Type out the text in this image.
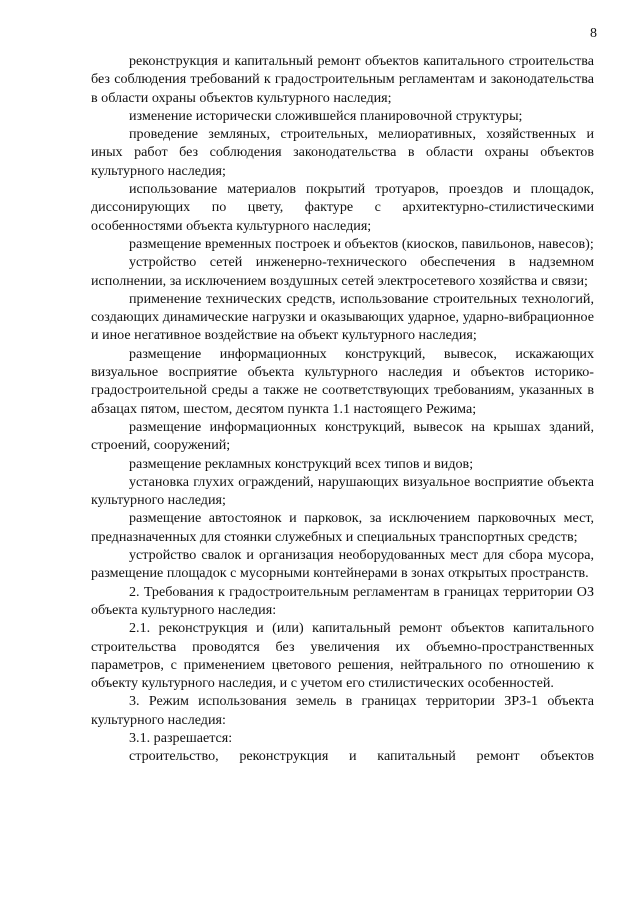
8

реконструкция и капитальный ремонт объектов капитального строительства без соблюдения требований к градостроительным регламентам и законодательства в области охраны объектов культурного наследия;

изменение исторически сложившейся планировочной структуры;

проведение земляных, строительных, мелиоративных, хозяйственных и иных работ без соблюдения законодательства в области охраны объектов культурного наследия;

использование материалов покрытий тротуаров, проездов и площадок, диссонирующих по цвету, фактуре с архитектурно-стилистическими особенностями объекта культурного наследия;

размещение временных построек и объектов (киосков, павильонов, навесов);

устройство сетей инженерно-технического обеспечения в надземном исполнении, за исключением воздушных сетей электросетевого хозяйства и связи;

применение технических средств, использование строительных технологий, создающих динамические нагрузки и оказывающих ударное, ударно-вибрационное и иное негативное воздействие на объект культурного наследия;

размещение информационных конструкций, вывесок, искажающих визуальное восприятие объекта культурного наследия и объектов историко-градостроительной среды а также не соответствующих требованиям, указанных в абзацах пятом, шестом, десятом пункта 1.1 настоящего Режима;

размещение информационных конструкций, вывесок на крышах зданий, строений, сооружений;

размещение рекламных конструкций всех типов и видов;

установка глухих ограждений, нарушающих визуальное восприятие объекта культурного наследия;

размещение автостоянок и парковок, за исключением парковочных мест, предназначенных для стоянки служебных и специальных транспортных средств;

устройство свалок и организация необорудованных мест для сбора мусора, размещение площадок с мусорными контейнерами в зонах открытых пространств.

2. Требования к градостроительным регламентам в границах территории ОЗ объекта культурного наследия:

2.1. реконструкция и (или) капитальный ремонт объектов капитального строительства проводятся без увеличения их объемно-пространственных параметров, с применением цветового решения, нейтрального по отношению к объекту культурного наследия, и с учетом его стилистических особенностей.

3. Режим использования земель в границах территории ЗРЗ-1 объекта культурного наследия:

3.1. разрешается:

строительство, реконструкция и капитальный ремонт объектов
